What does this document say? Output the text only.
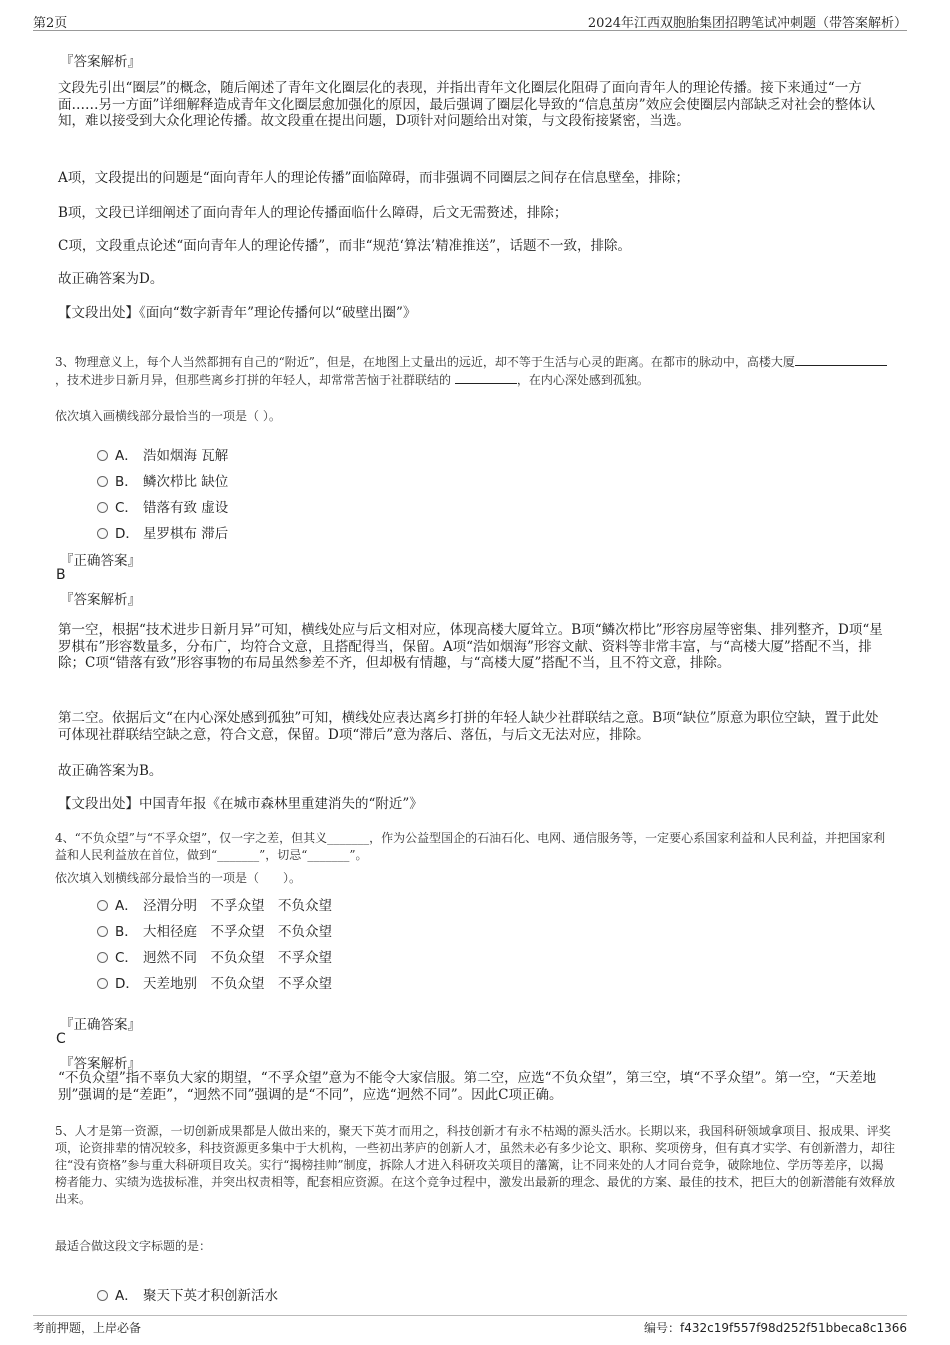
第2页	2024年江西双胞胎集团招聘笔试冲刺题（带答案解析）
『答案解析』

文段先引出“圈层”的概念，随后阐述了青年文化圈层化的表现，并指出青年文化圈层化阻碍了面向青年人的理论传播。接下来通过“一方面……另一方面”详细解释造成青年文化圈层愈加强化的原因，最后强调了圈层化导致的“信息茧房”效应会使圈层内部缺乏对社会的整体认知，难以接受到大众化理论传播。故文段重在提出问题，D项针对问题给出对策，与文段衔接紧密，当选。

A项，文段提出的问题是“面向青年人的理论传播”面临障碍，而非强调不同圈层之间存在信息壁垒，排除；

B项，文段已详细阐述了面向青年人的理论传播面临什么障碍，后文无需赘述，排除；

C项，文段重点论述“面向青年人的理论传播”，而非“规范‘算法’精准推送”，话题不一致，排除。

故正确答案为D。

【文段出处】《面向“数字新青年”理论传播何以“破壁出圈”》

3、物理意义上，每个人当然都拥有自己的“附近”，但是，在地图上丈量出的远近，却不等于生活与心灵的距离。在都市的脉动中，高楼大厦，技术进步日新月异，但那些离乡打拼的年轻人，却常常苦恼于社群联结的	，在内心深处感到孤独。

依次填入画横线部分最恰当的一项是（ ）。

A． 浩如烟海 瓦解
B． 鳞次栉比 缺位
C． 错落有致 虚设
D． 星罗棋布 滞后
『正确答案』
B
『答案解析』

第一空，根据“技术进步日新月异”可知，横线处应与后文相对应，体现高楼大厦耸立。B项“鳞次栉比”形容房屋等密集、排列整齐，D项“星罗棋布”形容数量多，分布广，均符合文意，且搭配得当，保留。A项“浩如烟海”形容文献、资料等非常丰富，与“高楼大厦”搭配不当，排除；C项“错落有致”形容事物的布局虽然参差不齐，但却极有情趣，与“高楼大厦”搭配不当，且不符文意，排除。

第二空。依据后文“在内心深处感到孤独”可知，横线处应表达离乡打拼的年轻人缺少社群联结之意。B项“缺位”原意为职位空缺，置于此处可体现社群联结空缺之意，符合文意，保留。D项“滞后”意为落后、落伍，与后文无法对应，排除。

故正确答案为B。

【文段出处】中国青年报《在城市森林里重建消失的“附近”》

4、“不负众望”与“不孚众望”，仅一字之差，但其义_______，作为公益型国企的石油石化、电网、通信服务等，一定要心系国家利益和人民利益，并把国家利益和人民利益放在首位，做到“_______”，切忌“_______”。

依次填入划横线部分最恰当的一项是（　　）。

A． 泾渭分明　不孚众望　不负众望
B． 大相径庭　不孚众望　不负众望
C． 迥然不同　不负众望　不孚众望
D． 天差地别　不负众望　不孚众望
『正确答案』
C
『答案解析』

“不负众望”指不辜负大家的期望，“不孚众望”意为不能令大家信服。第二空，应选“不负众望”，第三空，填“不孚众望”。第一空，“天差地别”强调的是“差距”，“迥然不同”强调的是“不同”，应选“迥然不同”。因此C项正确。

5、人才是第一资源，一切创新成果都是人做出来的，聚天下英才而用之，科技创新才有永不枯竭的源头活水。长期以来，我国科研领域拿项目、报成果、评奖项，论资排辈的情况较多，科技资源更多集中于大机构，一些初出茅庐的创新人才，虽然未必有多少论文、职称、奖项傍身，但有真才实学、有创新潜力，却往往“没有资格”参与重大科研项目攻关。实行“揭榜挂帅”制度，拆除人才进入科研攻关项目的藩篱，让不同来处的人才同台竞争，破除地位、学历等差序，以揭榜者能力、实绩为选拔标准，并突出权责相等，配套相应资源。在这个竞争过程中，激发出最新的理念、最优的方案、最佳的技术，把巨大的创新潜能有效释放出来。

最适合做这段文字标题的是：

A． 聚天下英才积创新活水
考前押题，上岸必备	编号：f432c19f557f98d252f51bbeca8c1366
